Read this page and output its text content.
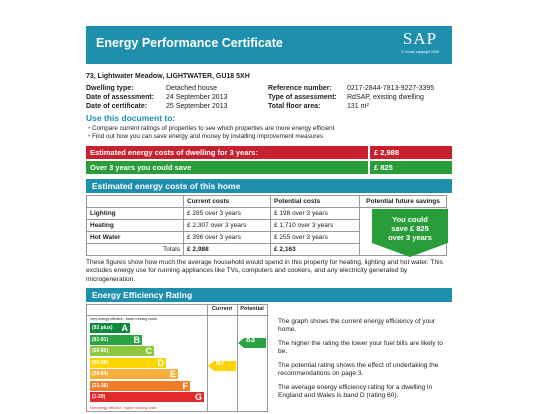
Energy Performance Certificate	SAP
© Crown copyright 2009
73, Lightwater Meadow, LIGHTWATER, GU18 5XH
Dwelling type:	Detached house
Date of assessment: 24 September 2013
Date of certificate:	25 September 2013
Reference number: 0217-2844-7813-9227-3395
Type of assessment: RdSAP, existing dwelling
Total floor area:	131 m²
Use this document to:
• Compare current ratings of properties to see which properties are more energy efficient
• Find out how you can save energy and money by installing improvement measures
Estimated energy costs of dwelling for 3 years:	£ 2,988
Over 3 years you could save	£ 825
Estimated energy costs of this home
	Current costs	Potential costs	Potential future savings
Lighting	£ 285 over 3 years	£ 198 over 3 years	
Heating	£ 2,307 over 3 years	£ 1,710 over 3 years	
Hot Water	£ 396 over 3 years	£ 255 over 3 years	
Totals	£ 2,988	£ 2,163	
You could
save £ 825
over 3 years
These figures show how much the average household would spend in this property for heating, lighting and hot water. This excludes energy use for running appliances like TVs, computers and cookers, and any electricity generated by microgeneration.
Energy Efficiency Rating
Current	Potential
Very energy efficient - lower running costs
(92 plus) A
(81-91)	B
(69-80)	C
(55-68)	D
(39-54)	E
(21-38)	F
(1-20)	G
Not energy efficient - higher running costs
67
83
The graph shows the current energy efficiency of your home.
The higher the rating the lower your fuel bills are likely to be.
The potential rating shows the effect of undertaking the recommendations on page 3.
The average energy efficiency rating for a dwelling in England and Wales is band D (rating 60).
